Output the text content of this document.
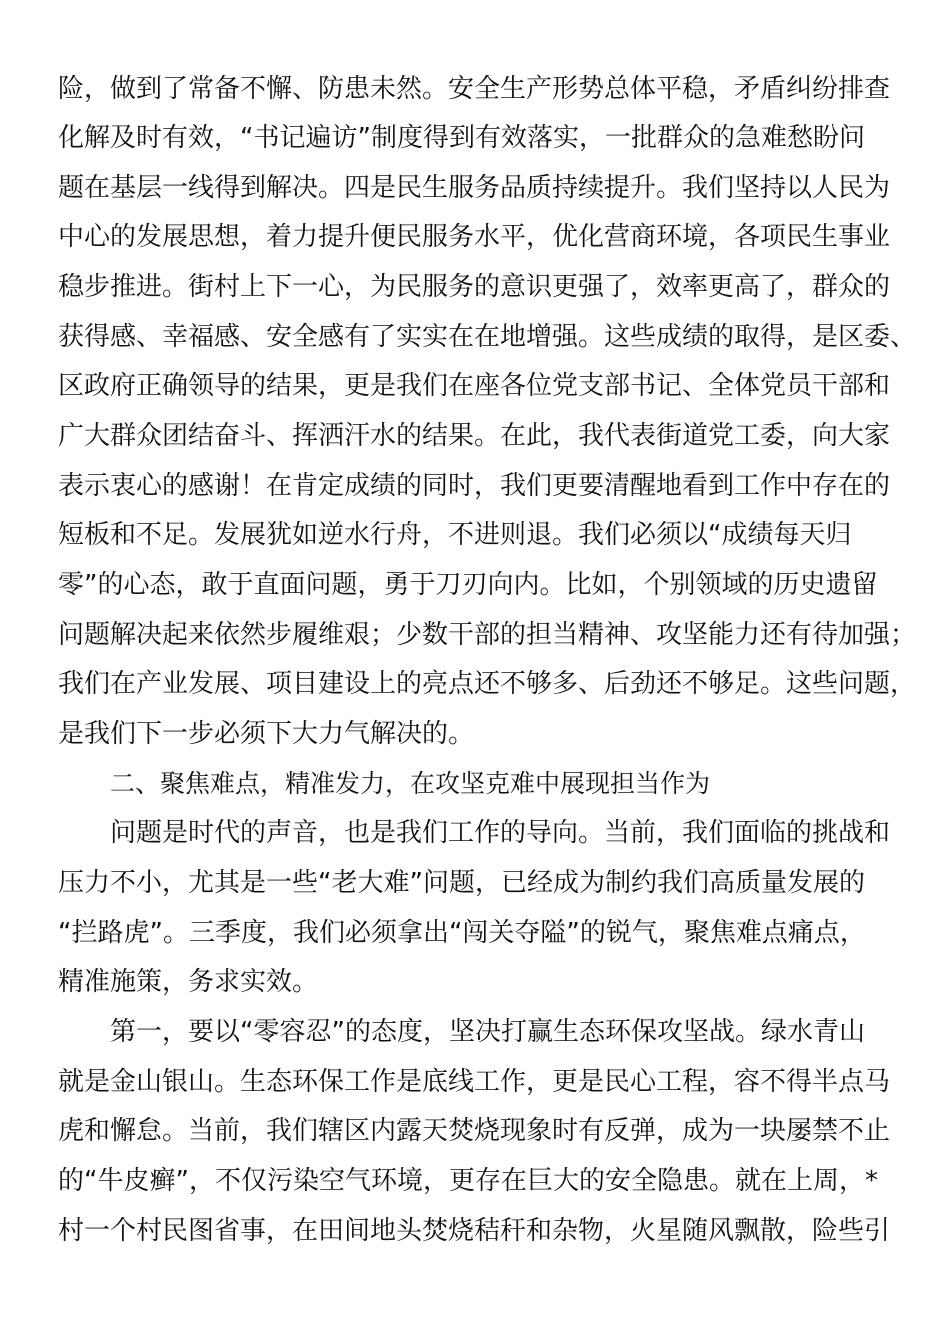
险，做到了常备不懈、防患未然。安全生产形势总体平稳，矛盾纠纷排查
化解及时有效，“书记遍访”制度得到有效落实，一批群众的急难愁盼问
题在基层一线得到解决。四是民生服务品质持续提升。我们坚持以人民为
中心的发展思想，着力提升便民服务水平，优化营商环境，各项民生事业
稳步推进。街村上下一心，为民服务的意识更强了，效率更高了，群众的
获得感、幸福感、安全感有了实实在在地增强。这些成绩的取得，是区委、
区政府正确领导的结果，更是我们在座各位党支部书记、全体党员干部和
广大群众团结奋斗、挥洒汗水的结果。在此，我代表街道党工委，向大家
表示衷心的感谢！在肯定成绩的同时，我们更要清醒地看到工作中存在的
短板和不足。发展犹如逆水行舟，不进则退。我们必须以“成绩每天归
零”的心态，敢于直面问题，勇于刀刃向内。比如，个别领域的历史遗留
问题解决起来依然步履维艰；少数干部的担当精神、攻坚能力还有待加强；
我们在产业发展、项目建设上的亮点还不够多、后劲还不够足。这些问题，
是我们下一步必须下大力气解决的。
二、聚焦难点，精准发力，在攻坚克难中展现担当作为
问题是时代的声音，也是我们工作的导向。当前，我们面临的挑战和
压力不小，尤其是一些“老大难”问题，已经成为制约我们高质量发展的
“拦路虎”。三季度，我们必须拿出“闯关夺隘”的锐气，聚焦难点痛点，
精准施策，务求实效。
第一，要以“零容忍”的态度，坚决打赢生态环保攻坚战。绿水青山
就是金山银山。生态环保工作是底线工作，更是民心工程，容不得半点马
虎和懈怠。当前，我们辖区内露天焚烧现象时有反弹，成为一块屡禁不止
的“牛皮癣”，不仅污染空气环境，更存在巨大的安全隐患。就在上周，*
村一个村民图省事，在田间地头焚烧秸秆和杂物，火星随风飘散，险些引
